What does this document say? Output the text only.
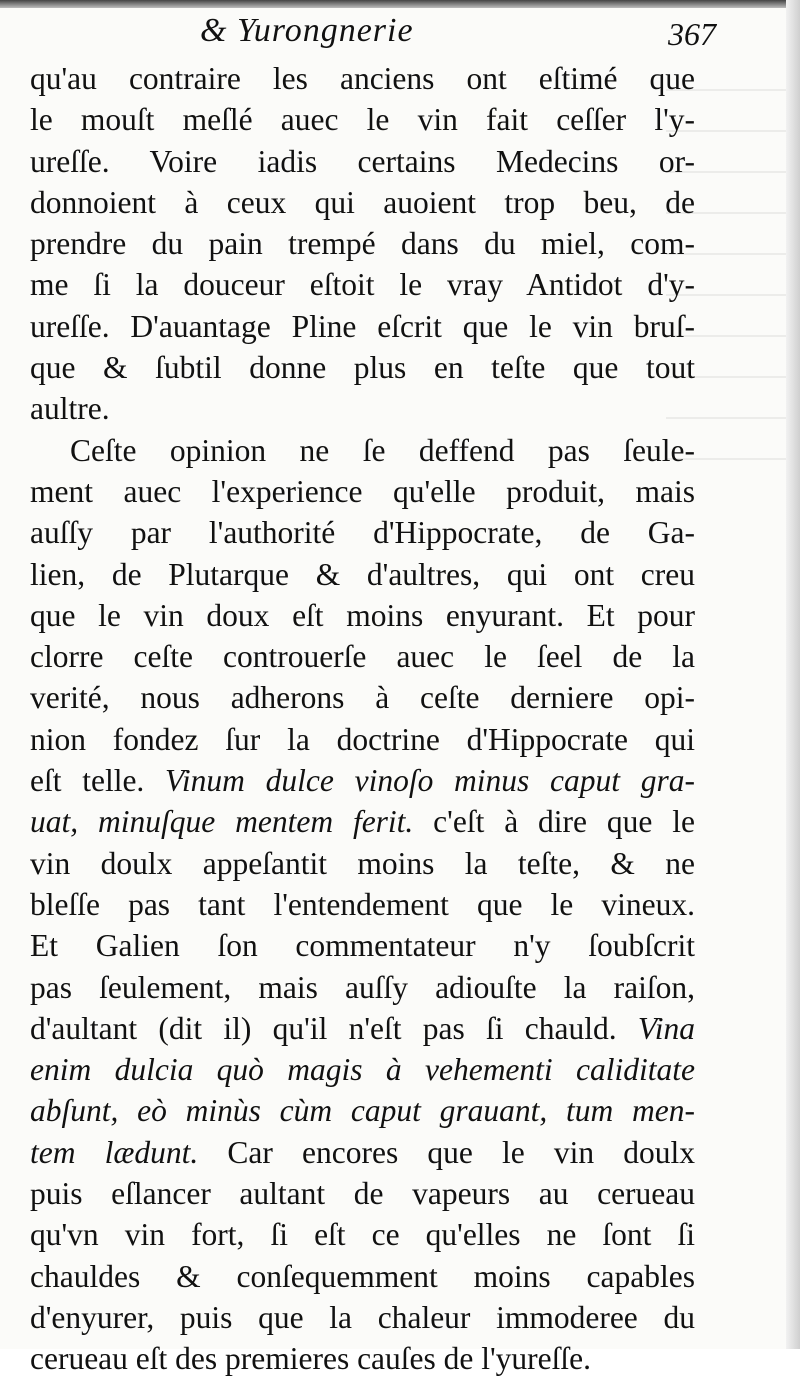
& Yurongnerie	367
qu'au contraire les anciens ont eſtimé que
le mouſt meſlé auec le vin fait ceſſer l'y-
ureſſe. Voire iadis certains Medecins or-
donnoient à ceux qui auoient trop beu, de
prendre du pain trempé dans du miel, com-
me ſi la douceur eſtoit le vray Antidot d'y-
ureſſe. D'auantage Pline eſcrit que le vin bruſ-
que & ſubtil donne plus en teſte que tout
aultre.
Ceſte opinion ne ſe deffend pas ſeule-
ment auec l'experience qu'elle produit, mais
auſſy par l'authorité d'Hippocrate, de Ga-
lien, de Plutarque & d'aultres, qui ont creu
que le vin doux eſt moins enyurant. Et pour
clorre ceſte controuerſe auec le ſeel de la
verité, nous adherons à ceſte derniere opi-
nion fondez ſur la doctrine d'Hippocrate qui
eſt telle. Vinum dulce vinoſo minus caput gra-
uat, minuſque mentem ferit. c'eſt à dire que le
vin doulx appeſantit moins la teſte, & ne
bleſſe pas tant l'entendement que le vineux.
Et Galien ſon commentateur n'y ſoubſcrit
pas ſeulement, mais auſſy adiouſte la raiſon,
d'aultant (dit il) qu'il n'eſt pas ſi chauld. Vina
enim dulcia quò magis à vehementi caliditate
abſunt, eò minùs cùm caput grauant, tum men-
tem lædunt. Car encores que le vin doulx
puis eſlancer aultant de vapeurs au cerueau
qu'vn vin fort, ſi eſt ce qu'elles ne ſont ſi
chauldes & conſequemment moins capables
d'enyurer, puis que la chaleur immoderee du
cerueau eſt des premieres cauſes de l'yureſſe.
